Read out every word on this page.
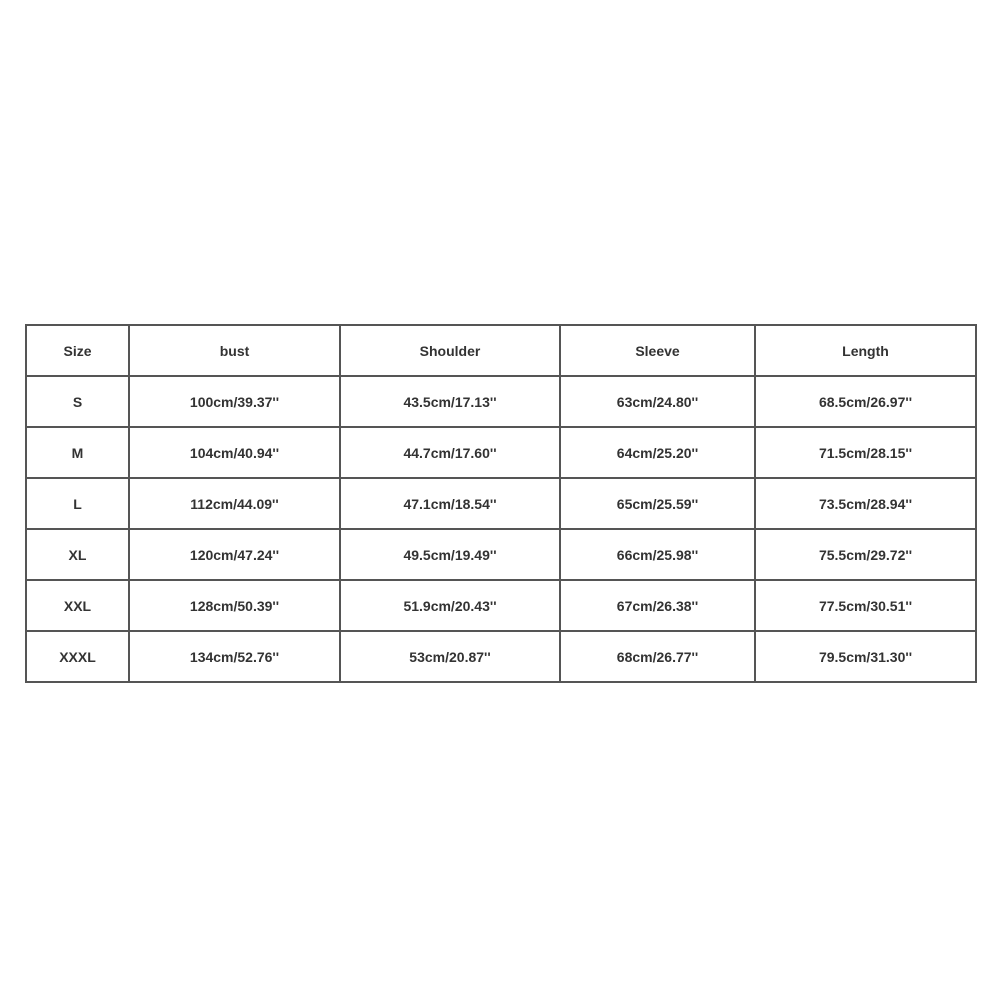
Size	bust	Shoulder	Sleeve	Length
S	100cm/39.37''	43.5cm/17.13''	63cm/24.80''	68.5cm/26.97''
M	104cm/40.94''	44.7cm/17.60''	64cm/25.20''	71.5cm/28.15''
L	112cm/44.09''	47.1cm/18.54''	65cm/25.59''	73.5cm/28.94''
XL	120cm/47.24''	49.5cm/19.49''	66cm/25.98''	75.5cm/29.72''
XXL	128cm/50.39''	51.9cm/20.43''	67cm/26.38''	77.5cm/30.51''
XXXL	134cm/52.76''	53cm/20.87''	68cm/26.77''	79.5cm/31.30''
